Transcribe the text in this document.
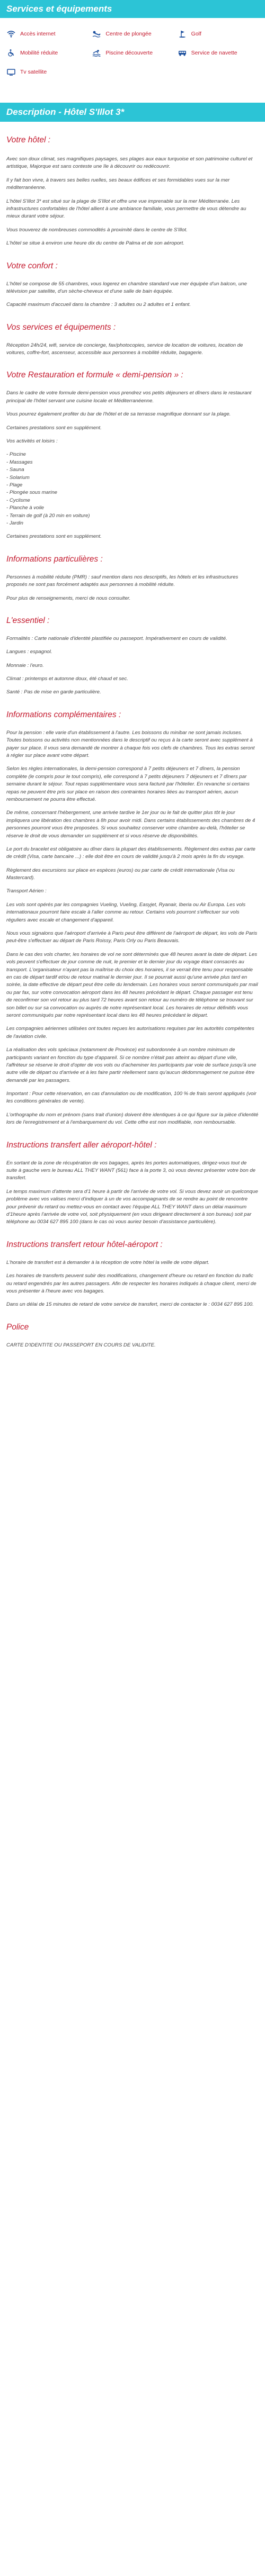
Services et équipements
Accès internet	Centre de plongée	Golf
Mobilité réduite	Piscine découverte	Service de navette
Tv satellite
Description - Hôtel S'Illot 3*
Votre hôtel :

Avec son doux climat, ses magnifiques paysages, ses plages aux eaux turquoise et son patrimoine culturel et artistique, Majorque est sans conteste une île à découvrir ou redécouvrir.

Il y fait bon vivre, à travers ses belles ruelles, ses beaux édifices et ses formidables vues sur la mer méditerranéenne.

L'hôtel S'Illot 3* est situé sur la plage de S'Illot et offre une vue imprenable sur la mer Méditerranée. Les infrastructures confortables de l'hôtel allient à une ambiance familiale, vous permettre de vous détendre au mieux durant votre séjour.

Vous trouverez de nombreuses commodités à proximité dans le centre de S'Illot.

L'hôtel se situe à environ une heure dix du centre de Palma et de son aéroport.

Votre confort :

L'hôtel se compose de 55 chambres, vous logerez en chambre standard vue mer équipée d'un balcon, une télévision par satellite, d'un sèche-cheveux et d'une salle de bain équipée.

Capacité maximum d'accueil dans la chambre : 3 adultes ou 2 adultes et 1 enfant.

Vos services et équipements :

Réception 24h/24, wifi, service de concierge, fax/photocopies, service de location de voitures, location de voitures, coffre-fort, ascenseur, accessible aux personnes à mobilité réduite, bagagerie.

Votre Restauration et formule « demi-pension » :

Dans le cadre de votre formule demi-pension vous prendrez vos petits déjeuners et dîners dans le restaurant principal de l'hôtel servant une cuisine locale et Méditerranéenne.

Vous pourrez également profiter du bar de l'hôtel et de sa terrasse magnifique donnant sur la plage.

Certaines prestations sont en supplément.

Vos activités et loisirs :

- Piscine
- Massages
- Sauna
- Solarium
- Plage
- Plongée sous marine
- Cyclisme
- Planche à voile
- Terrain de golf (à 20 min en voiture)
- Jardin

Certaines prestations sont en supplément.

Informations particulières :

Personnes à mobilité réduite (PMR) : sauf mention dans nos descriptifs, les hôtels et les infrastructures proposés ne sont pas forcément adaptés aux personnes à mobilité réduite.

Pour plus de renseignements, merci de nous consulter.

L'essentiel :

Formalités : Carte nationale d'identité plastifiée ou passeport. Impérativement en cours de validité.

Langues : espagnol.

Monnaie : l'euro.

Climat : printemps et automne doux, été chaud et sec.

Santé : Pas de mise en garde particulière.

Informations complémentaires :

Pour la pension : elle varie d'un établissement à l'autre. Les boissons du minibar ne sont jamais incluses. Toutes boissons ou activités non mentionnées dans le descriptif ou reçus à la carte seront avec supplément à payer sur place. Il vous sera demandé de montrer à chaque fois vos clefs de chambres. Tous les extras seront à régler sur place avant votre départ.

Selon les règles internationales, la demi-pension correspond à 7 petits déjeuners et 7 dîners, la pension complète (le compris pour le tout compris), elle correspond à 7 petits déjeuners 7 déjeuners et 7 dîners par semaine durant le séjour. Tout repas supplémentaire vous sera facturé par l'hôtelier. En revanche si certains repas ne peuvent être pris sur place en raison des contraintes horaires liées au transport aérien, aucun remboursement ne pourra être effectué.

De même, concernant l'hébergement, une arrivée tardive le 1er jour ou le fait de quitter plus tôt le jour impliquera une libération des chambres à 8h pour avoir midi. Dans certains établissements des chambres de 4 personnes pourront vous être proposées. Si vous souhaitez conserver votre chambre au-delà, l'hôtelier se réserve le droit de vous demander un supplément et si vous réserve de disponibilités.

Le port du bracelet est obligatoire au dîner dans la plupart des établissements. Règlement des extras par carte de crédit (Visa, carte bancaire ...) : elle doit être en cours de validité jusqu'à 2 mois après la fin du voyage.

Règlement des excursions sur place en espèces (euros) ou par carte de crédit internationale (Visa ou Mastercard).

Transport Aérien :

Les vols sont opérés par les compagnies Vueling, Vueling, Easyjet, Ryanair, Iberia ou Air Europa. Les vols internationaux pourront faire escale à l'aller comme au retour. Certains vols pourront s'effectuer sur vols réguliers avec escale et changement d'appareil.

Nous vous signalons que l'aéroport d'arrivée à Paris peut être différent de l'aéroport de départ, les vols de Paris peut-être s'effectuer au départ de Paris Roissy, Paris Orly ou Paris Beauvais.

Dans le cas des vols charter, les horaires de vol ne sont déterminés que 48 heures avant la date de départ. Les vols peuvent s'effectuer de jour comme de nuit, le premier et le dernier jour du voyage étant consacrés au transport. L'organisateur n'ayant pas la maîtrise du choix des horaires, il se verrait être tenu pour responsable en cas de départ tardif et/ou de retour matinal le dernier jour. Il se pourrait aussi qu'une arrivée plus tard en soirée, la date effective de départ peut être celle du lendemain. Les horaires vous seront communiqués par mail ou par fax, sur votre convocation aéroport dans les 48 heures précédant le départ. Chaque passager est tenu de reconfirmer son vol retour au plus tard 72 heures avant son retour au numéro de téléphone se trouvant sur son billet ou sur sa convocation ou auprès de notre représentant local. Les horaires de retour définitifs vous seront communiqués par notre représentant local dans les 48 heures précédant le départ.

Les compagnies aériennes utilisées ont toutes reçues les autorisations requises par les autorités compétentes de l'aviation civile.

La réalisation des vols spéciaux (notamment de Province) est subordonnée à un nombre minimum de participants variant en fonction du type d'appareil. Si ce nombre n'était pas atteint au départ d'une ville, l'affréteur se réserve le droit d'opter de vos vols ou d'acheminer les participants par voie de surface jusqu'à une autre ville de départ ou d'arrivée et à les faire partir réellement sans qu'aucun dédommagement ne puisse être demandé par les passagers.

Important : Pour cette réservation, en cas d'annulation ou de modification, 100 % de frais seront appliqués (voir les conditions générales de vente).

L'orthographe du nom et prénom (sans trait d'union) doivent être identiques à ce qui figure sur la pièce d'identité lors de l'enregistrement et à l'embarquement du vol. Cette offre est non modifiable, non remboursable.

Instructions transfert aller aéroport-hôtel :

En sortant de la zone de récupération de vos bagages, après les portes automatiques, dirigez-vous tout de suite à gauche vers le bureau ALL THEY WANT (561) face à la porte 3, où vous devrez présenter votre bon de transfert.

Le temps maximum d'attente sera d'1 heure à partir de l'arrivée de votre vol. Si vous devez avoir un quelconque problème avec vos valises merci d'indiquer à un de vos accompagnants de se rendre au point de rencontre pour prévenir du retard ou mettez-vous en contact avec l'équipe ALL THEY WANT dans un délai maximum d'1heure après l'arrivée de votre vol, soit physiquement (en vous dirigeant directement à son bureau) soit par téléphone au 0034 627 895 100 (dans le cas où vous auriez besoin d'assistance particulière).

Instructions transfert retour hôtel-aéroport :

L'horaire de transfert est à demander à la réception de votre hôtel la veille de votre départ.

Les horaires de transferts peuvent subir des modifications, changement d'heure ou retard en fonction du trafic ou retard engendrés par les autres passagers. Afin de respecter les horaires indiqués à chaque client, merci de vous présenter à l'heure avec vos bagages.

Dans un délai de 15 minutes de retard de votre service de transfert, merci de contacter le : 0034 627 895 100.

Police

CARTE D'IDENTITE OU PASSEPORT EN COURS DE VALIDITE.
